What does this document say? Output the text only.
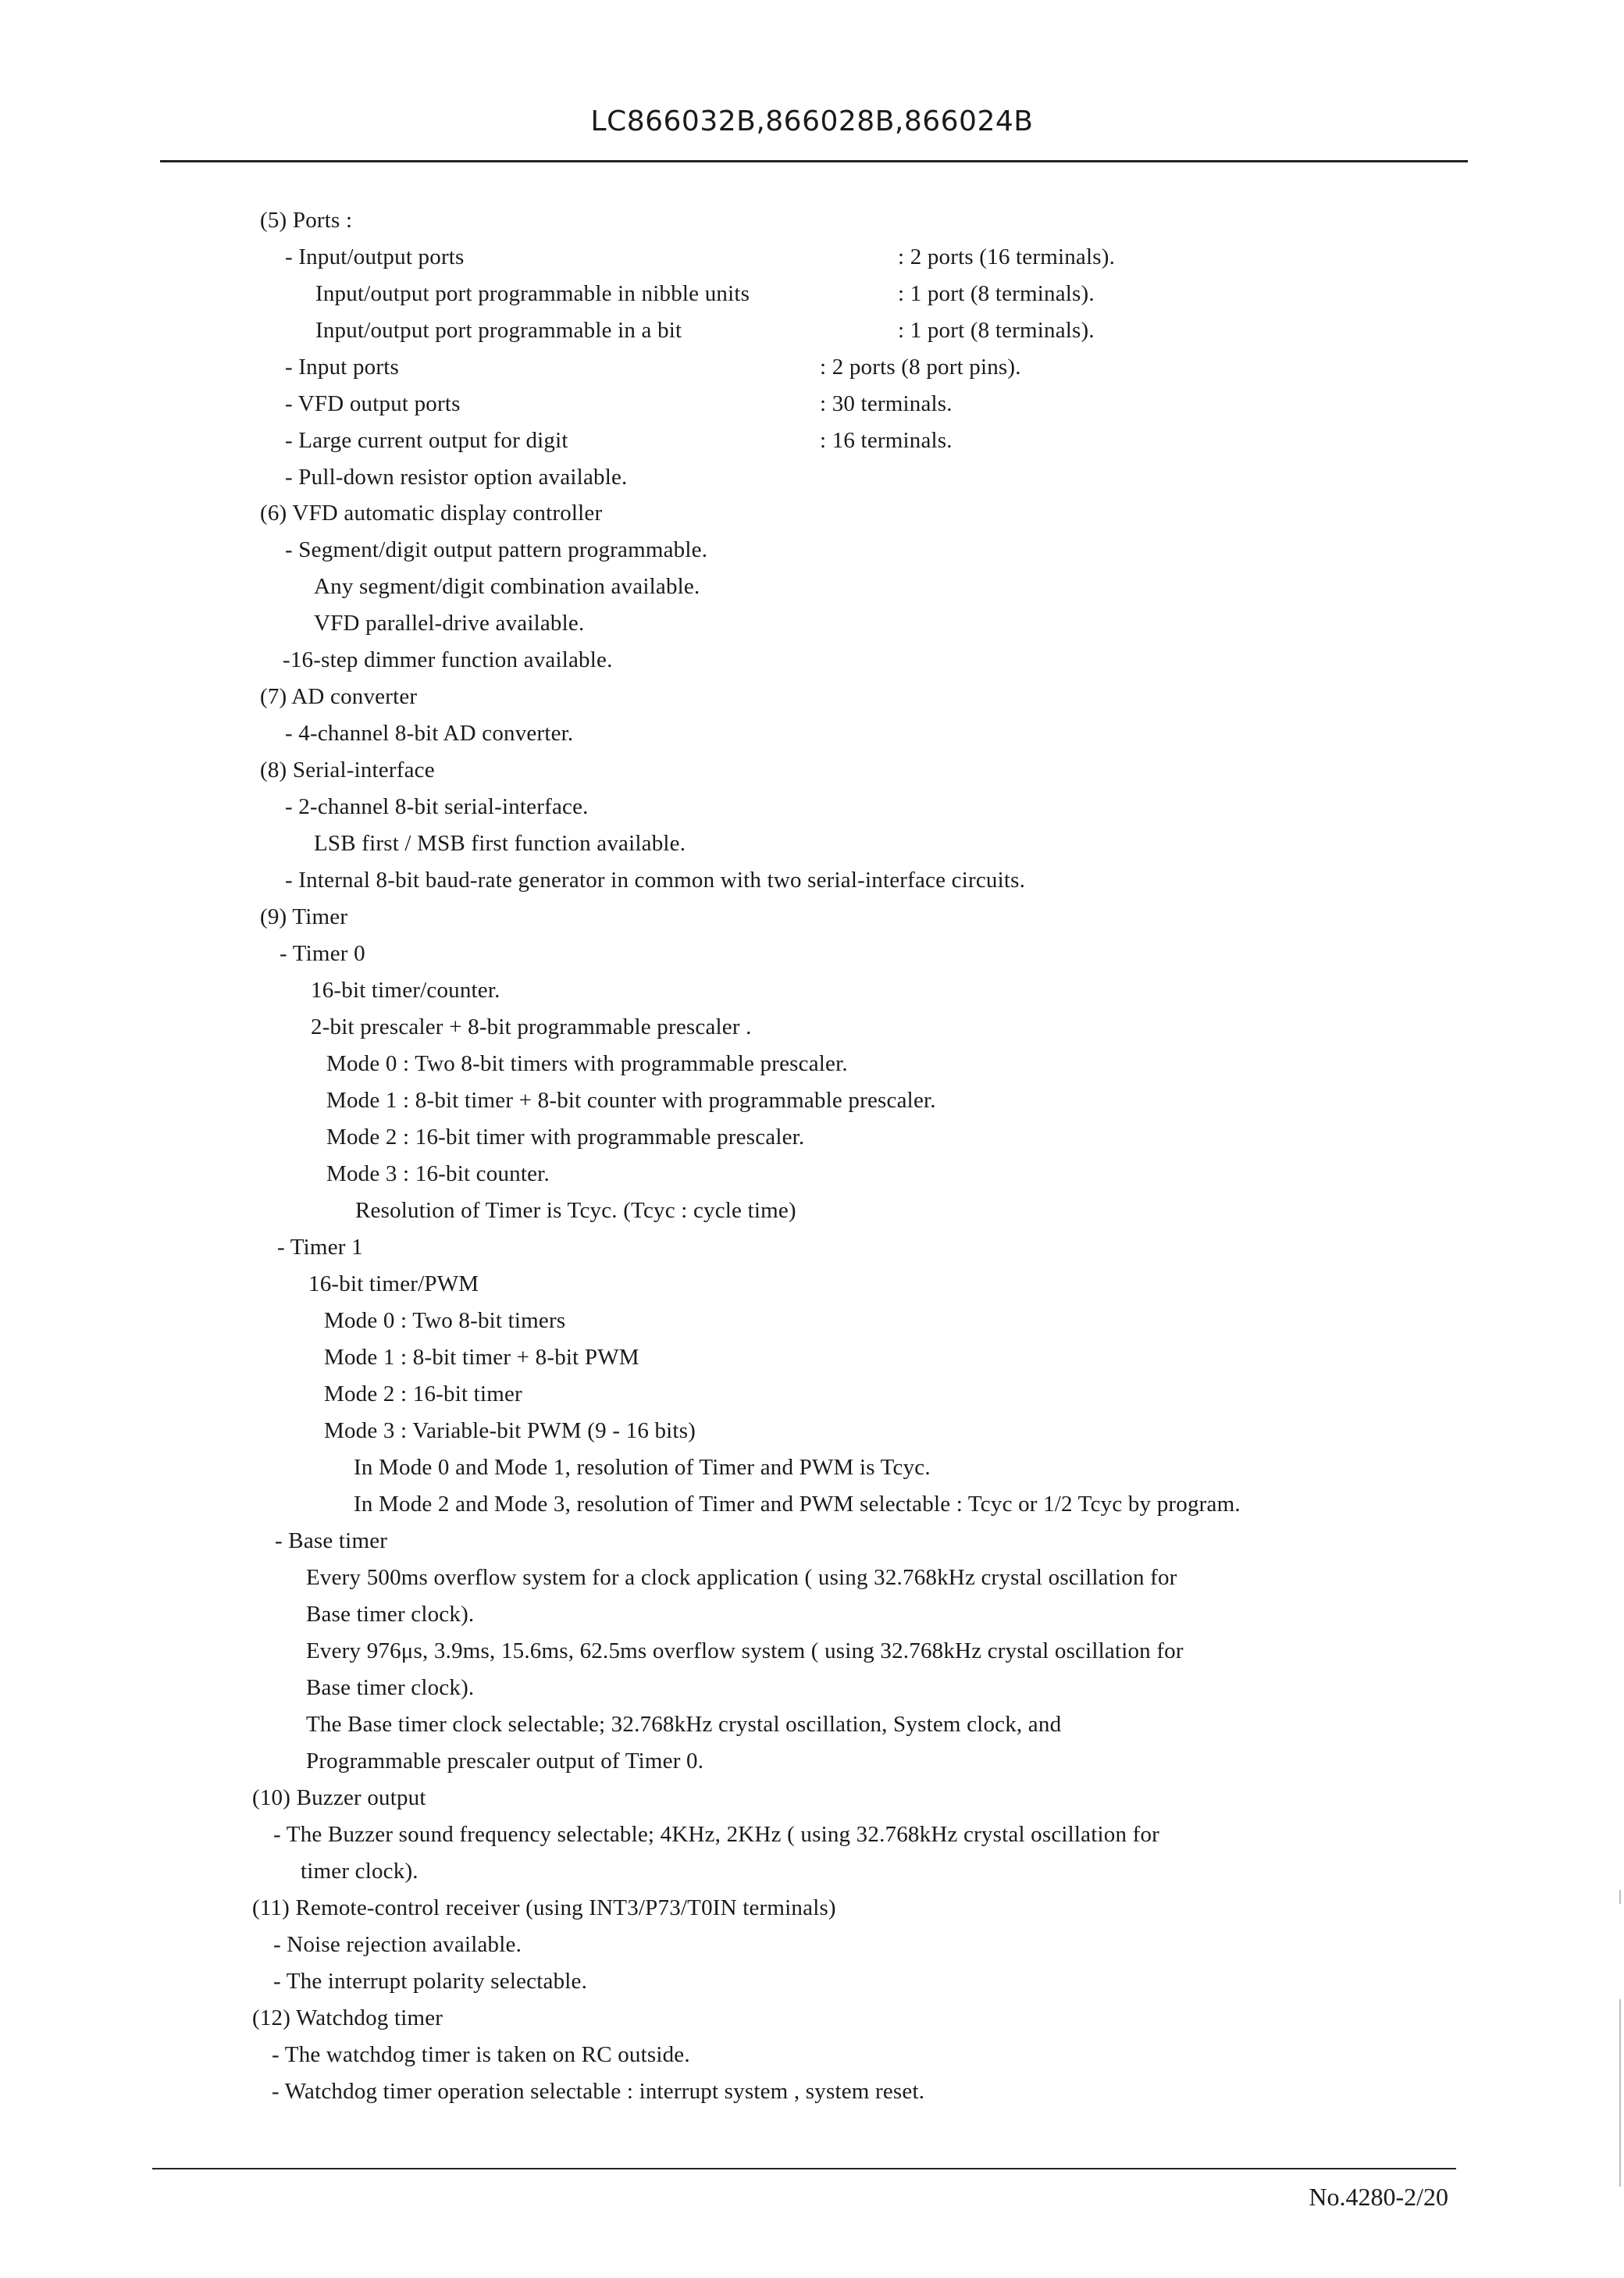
LC866032B,866028B,866024B
(5) Ports :
- Input/output ports	: 2 ports (16 terminals).
Input/output port programmable in nibble units	: 1 port (8 terminals).
Input/output port programmable in a bit	: 1 port (8 terminals).
- Input ports	: 2 ports (8 port pins).
- VFD output ports	: 30 terminals.
- Large current output for digit	: 16 terminals.
- Pull-down resistor option available.
(6) VFD automatic display controller
- Segment/digit output pattern programmable.
Any segment/digit combination available.
VFD parallel-drive available.
-16-step dimmer function available.
(7) AD converter
- 4-channel 8-bit AD converter.
(8) Serial-interface
- 2-channel 8-bit serial-interface.
LSB first / MSB first function available.
- Internal 8-bit baud-rate generator in common with two serial-interface circuits.
(9) Timer
- Timer 0
16-bit timer/counter.
2-bit prescaler + 8-bit programmable prescaler .
Mode 0 : Two 8-bit timers with programmable prescaler.
Mode 1 : 8-bit timer + 8-bit counter with programmable prescaler.
Mode 2 : 16-bit timer with programmable prescaler.
Mode 3 : 16-bit counter.
Resolution of Timer is Tcyc. (Tcyc : cycle time)
- Timer 1
16-bit timer/PWM
Mode 0 : Two 8-bit timers
Mode 1 : 8-bit timer + 8-bit PWM
Mode 2 : 16-bit timer
Mode 3 : Variable-bit PWM (9 - 16 bits)
In Mode 0 and Mode 1, resolution of Timer and PWM is Tcyc.
In Mode 2 and Mode 3, resolution of Timer and PWM selectable : Tcyc or 1/2 Tcyc by program.
- Base timer
Every 500ms overflow system for a clock application ( using 32.768kHz crystal oscillation for
Base timer clock).
Every 976μs, 3.9ms, 15.6ms, 62.5ms overflow system ( using 32.768kHz crystal oscillation for
Base timer clock).
The Base timer clock selectable; 32.768kHz crystal oscillation, System clock, and
Programmable prescaler output of Timer 0.
(10) Buzzer output
- The Buzzer sound frequency selectable; 4KHz, 2KHz ( using 32.768kHz crystal oscillation for
timer clock).
(11) Remote-control receiver (using INT3/P73/T0IN terminals)
- Noise rejection available.
- The interrupt polarity selectable.
(12) Watchdog timer
- The watchdog timer is taken on RC outside.
- Watchdog timer operation selectable : interrupt system , system reset.
No.4280-2/20
